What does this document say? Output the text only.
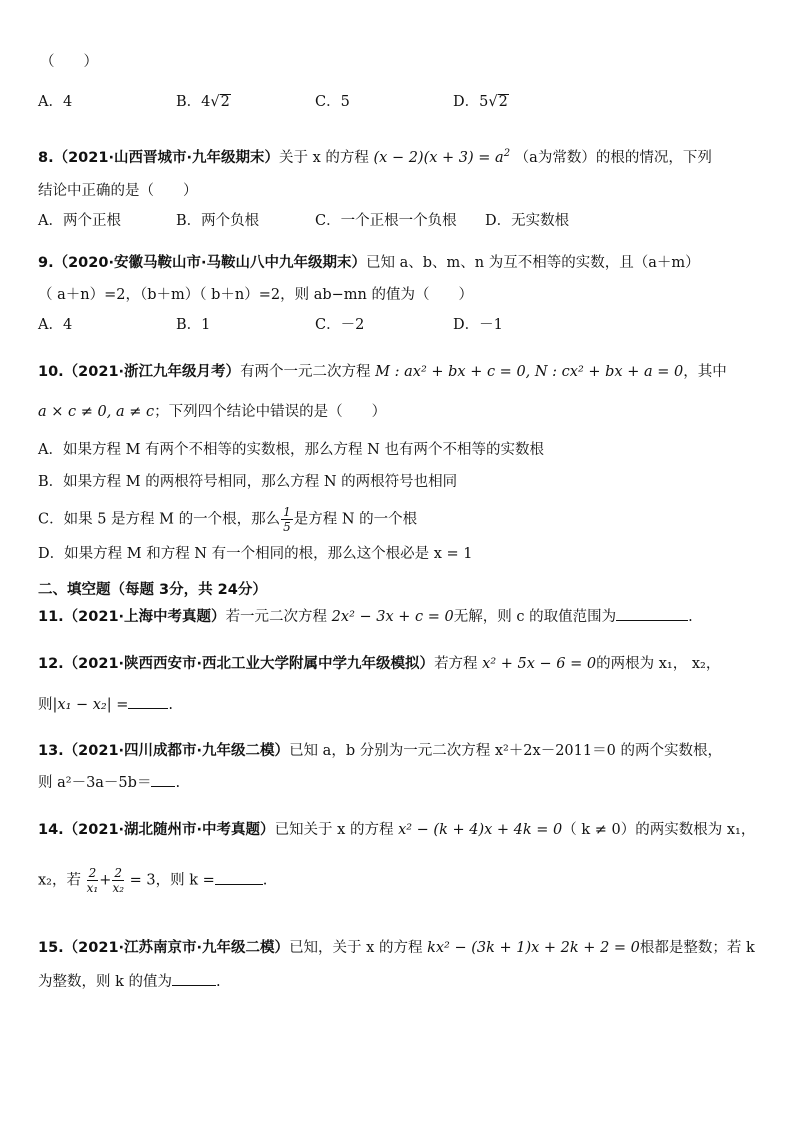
（　　）
A．4	B．4√2	C．5	D．5√2
8.（2021·山西晋城市·九年级期末）关于 x 的方程 $(x - 2)(x + 3) = a^2$ （a为常数）的根的情况，下列
结论中正确的是（　　）
A．两个正根	B．两个负根	C．一个正根一个负根 D．无实数根
9.（2020·安徽马鞍山市·马鞍山八中九年级期末）已知 a、b、m、n 为互不相等的实数，且（a＋m）
（ a＋n）=2，（b＋m）（ b＋n）=2，则 ab−mn 的值为（　　）
A．4	B．1	C．－2	D．－1
10.（2021·浙江九年级月考）有两个一元二次方程 M : ax² + bx + c = 0, N : cx² + bx + a = 0，其中
a × c ≠ 0, a ≠ c；下列四个结论中错误的是（　　）
A．如果方程 M 有两个不相等的实数根，那么方程 N 也有两个不相等的实数根
B．如果方程 M 的两根符号相同，那么方程 N 的两根符号也相同
C．如果 5 是方程 M 的一个根，那么 $\frac{1}{5}$ 是方程 N 的一个根
D．如果方程 M 和方程 N 有一个相同的根，那么这个根必是 x = 1
二、填空题（每题 3分，共 24分）
11.（2021·上海中考真题）若一元二次方程 2x² − 3x + c = 0无解，则 c 的取值范围为	.
12.（2021·陕西西安市·西北工业大学附属中学九年级模拟）若方程 x² + 5x − 6 = 0的两根为 x₁， x₂，
则|x₁ − x₂| =	.
13.（2021·四川成都市·九年级二模）已知 a，b 分别为一元二次方程 x²＋2x－2011＝0 的两个实数根，
则 a²－3a－5b＝ .
14.（2021·湖北随州市·中考真题）已知关于 x 的方程 x² − (k + 4)x + 4k = 0（ k ≠ 0）的两实数根为 x₁，
x₂，若 $\frac{2}{\text{x₁}} + \frac{2}{\text{x₂}} = 3$，则 k =	.
15.（2021·江苏南京市·九年级二模）已知，关于 x 的方程 kx² − (3k + 1)x + 2k + 2 = 0根都是整数；若 k
为整数，则 k 的值为	.
